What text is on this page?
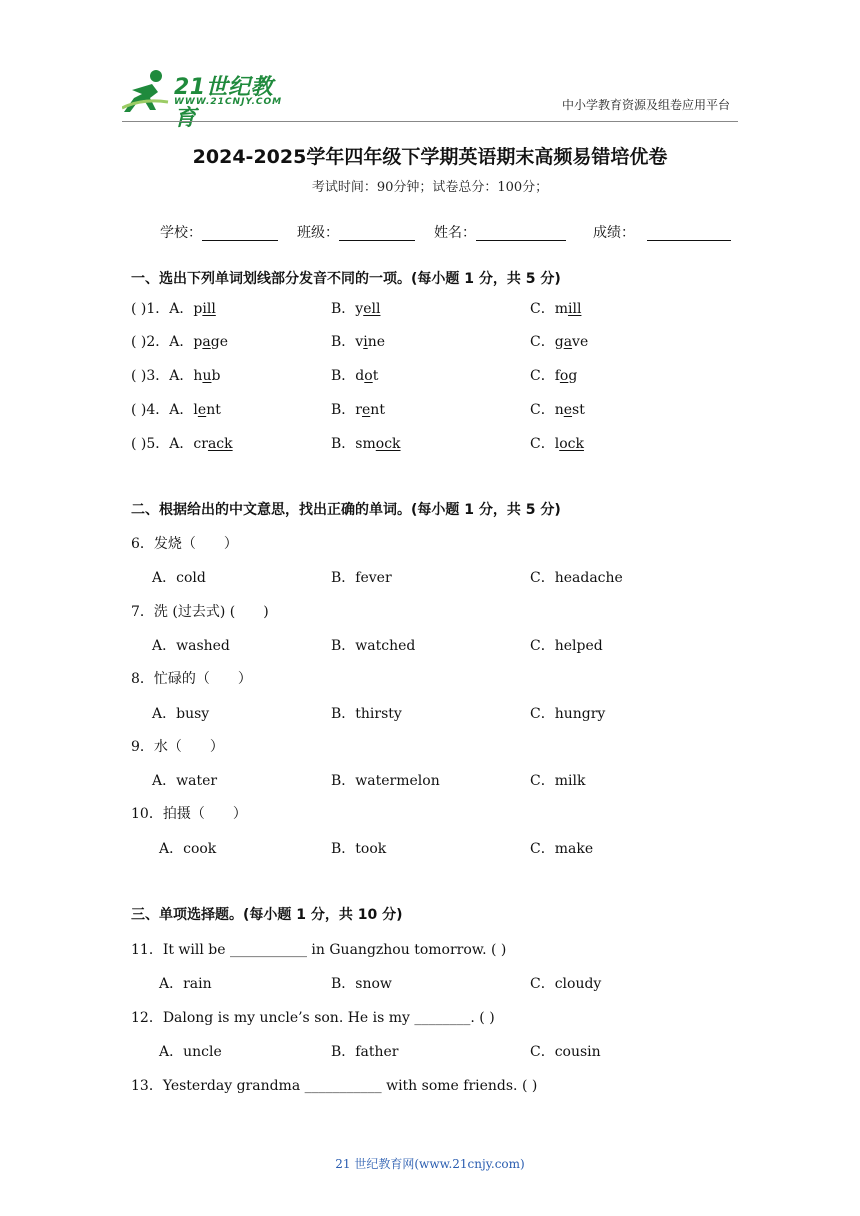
21世纪教育
WWW.21CNJY.COM	中小学教育资源及组卷应用平台
2024-2025学年四年级下学期英语期末高频易错培优卷
考试时间：90分钟；试卷总分：100分；
学校：	班级：	姓名：	成绩：
一、选出下列单词划线部分发音不同的一项。(每小题 1 分，共 5 分)
( )1．A．pill	B．yell	C．mill
( )2．A．page	B．vine	C．gave
( )3．A．hub	B．dot	C．fog
( )4．A．lent	B．rent	C．nest
( )5．A．crack	B．smock	C．lock
二、根据给出的中文意思，找出正确的单词。(每小题 1 分，共 5 分)
6．发烧（　　）
A．cold	B．fever	C．headache
7．洗 (过去式) (　　)
A．washed	B．watched	C．helped
8．忙碌的（　　）
A．busy	B．thirsty	C．hungry
9．水（　　）
A．water	B．watermelon	C．milk
10．拍摄（　　）
A．cook	B．took	C．make
三、单项选择题。(每小题 1 分，共 10 分)
11．It will be ___________ in Guangzhou tomorrow. ( )
A．rain	B．snow	C．cloudy
12．Dalong is my uncle’s son. He is my ________. ( )
A．uncle	B．father	C．cousin
13．Yesterday grandma ___________ with some friends. ( )
21 世纪教育网(www.21cnjy.com)
